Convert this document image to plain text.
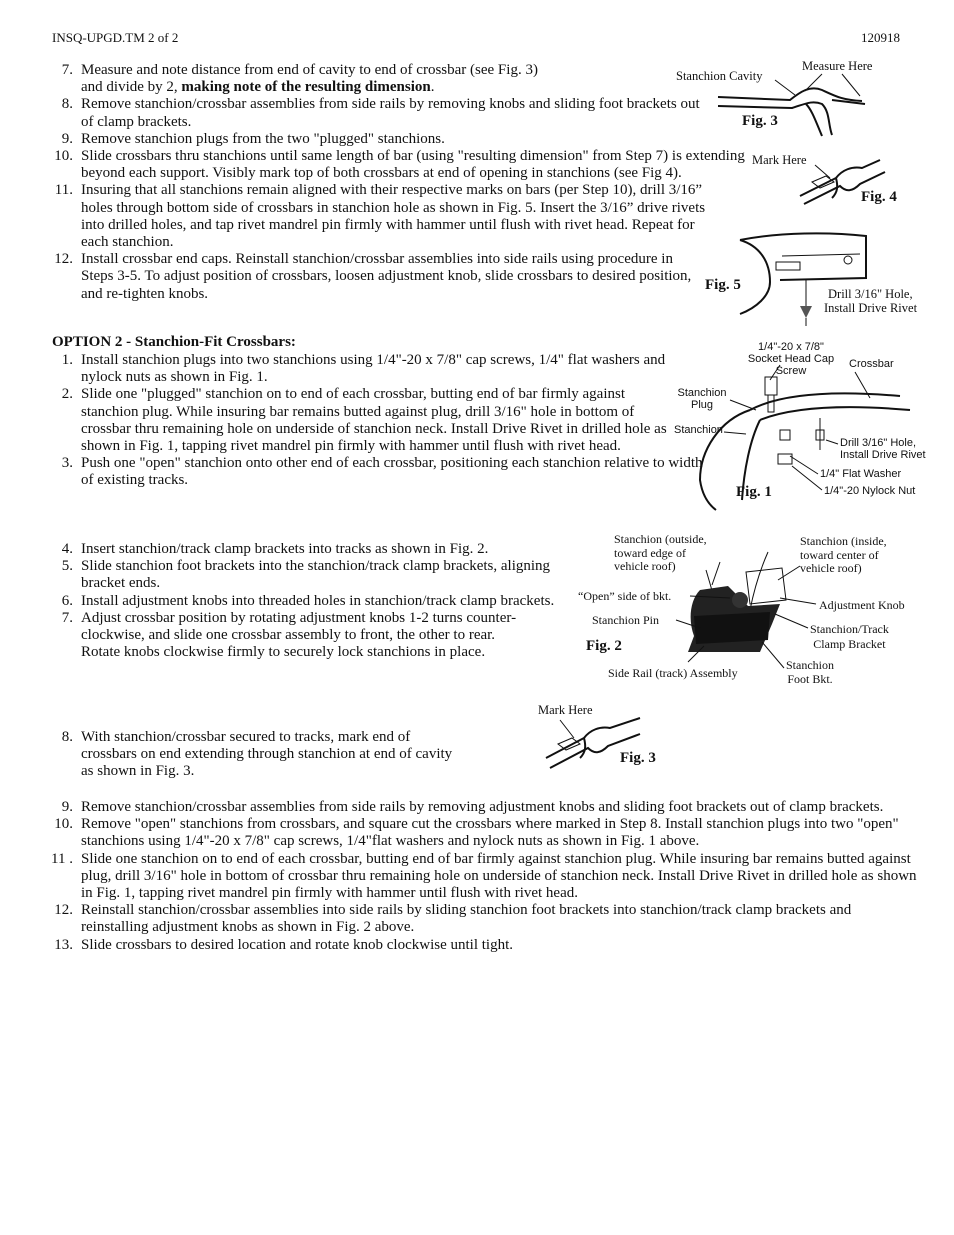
INSQ-UPGD.TM 2 of 2	120918
7. Measure and note distance from end of cavity to end of crossbar (see Fig. 3)
and divide by 2, making note of the resulting dimension.
8. Remove stanchion/crossbar assemblies from side rails by removing knobs and sliding foot brackets out of clamp brackets.
9. Remove stanchion plugs from the two "plugged" stanchions.
10. Slide crossbars thru stanchions until same length of bar (using "resulting dimension" from Step 7) is extending beyond each support. Visibly mark top of both crossbars at end of opening in stanchions (see Fig 4).
11. Insuring that all stanchions remain aligned with their respective marks on bars (per Step 10), drill 3/16” holes through bottom side of crossbars in stanchion hole as shown in Fig. 5. Insert the 3/16” drive rivets into drilled holes, and tap rivet mandrel pin firmly with hammer until flush with rivet head. Repeat for each stanchion.
12. Install crossbar end caps. Reinstall stanchion/crossbar assemblies into side rails using procedure in Steps 3-5. To adjust position of crossbars, loosen adjustment knob, slide crossbars to desired position, and re-tighten knobs.
OPTION 2 - Stanchion-Fit Crossbars:
1. Install stanchion plugs into two stanchions using 1/4"-20 x 7/8" cap screws, 1/4" flat washers and nylock nuts as shown in Fig. 1.
2. Slide one "plugged" stanchion on to end of each crossbar, butting end of bar firmly against stanchion plug. While insuring bar remains butted against plug, drill 3/16" hole in bottom of crossbar thru remaining hole on underside of stanchion neck. Install Drive Rivet in drilled hole as shown in Fig. 1, tapping rivet mandrel pin firmly with hammer until flush with rivet head.
3. Push one "open" stanchion onto other end of each crossbar, positioning each stanchion relative to width of existing tracks.
4. Insert stanchion/track clamp brackets into tracks as shown in Fig. 2.
5. Slide stanchion foot brackets into the stanchion/track clamp brackets, aligning bracket ends.
6. Install adjustment knobs into threaded holes in stanchion/track clamp brackets.
7. Adjust crossbar position by rotating adjustment knobs 1-2 turns counter-clockwise, and slide one crossbar assembly to front, the other to rear. Rotate knobs clockwise firmly to securely lock stanchions in place.
8. With stanchion/crossbar secured to tracks, mark end of crossbars on end extending through stanchion at end of cavity as shown in Fig. 3.
9. Remove stanchion/crossbar assemblies from side rails by removing adjustment knobs and sliding foot brackets out of clamp brackets.
10. Remove "open" stanchions from crossbars, and square cut the crossbars where marked in Step 8. Install stanchion plugs into two "open" stanchions using 1/4"-20 x 7/8" cap screws, 1/4"flat washers and nylock nuts as shown in Fig. 1 above.
11 . Slide one stanchion on to end of each crossbar, butting end of bar firmly against stanchion plug. While insuring bar remains butted against plug, drill 3/16" hole in bottom of crossbar thru remaining hole on underside of stanchion neck. Install Drive Rivet in drilled hole as shown in Fig. 1, tapping rivet mandrel pin firmly with hammer until flush with rivet head.
12. Reinstall stanchion/crossbar assemblies into side rails by sliding stanchion foot brackets into stanchion/track clamp brackets and reinstalling adjustment knobs as shown in Fig. 2 above.
13. Slide crossbars to desired location and rotate knob clockwise until tight.
Stanchion Cavity
Measure Here
Fig. 3
Mark Here
Fig. 4
Fig. 5
Drill 3/16" Hole,
Install Drive Rivet
1/4"-20 x 7/8"
Socket Head Cap Screw
Crossbar
Stanchion
Plug
Stanchion
Drill 3/16" Hole,
Install Drive Rivet
1/4" Flat Washer
1/4"-20 Nylock Nut
Fig. 1
Stanchion (outside,
toward edge of
vehicle roof)
Stanchion (inside,
toward center of
vehicle roof)
“Open” side of bkt.
Adjustment Knob
Stanchion Pin
Stanchion/Track
Clamp Bracket
Fig. 2
Stanchion
Foot Bkt.
Side Rail (track) Assembly
Mark Here
Fig. 3
